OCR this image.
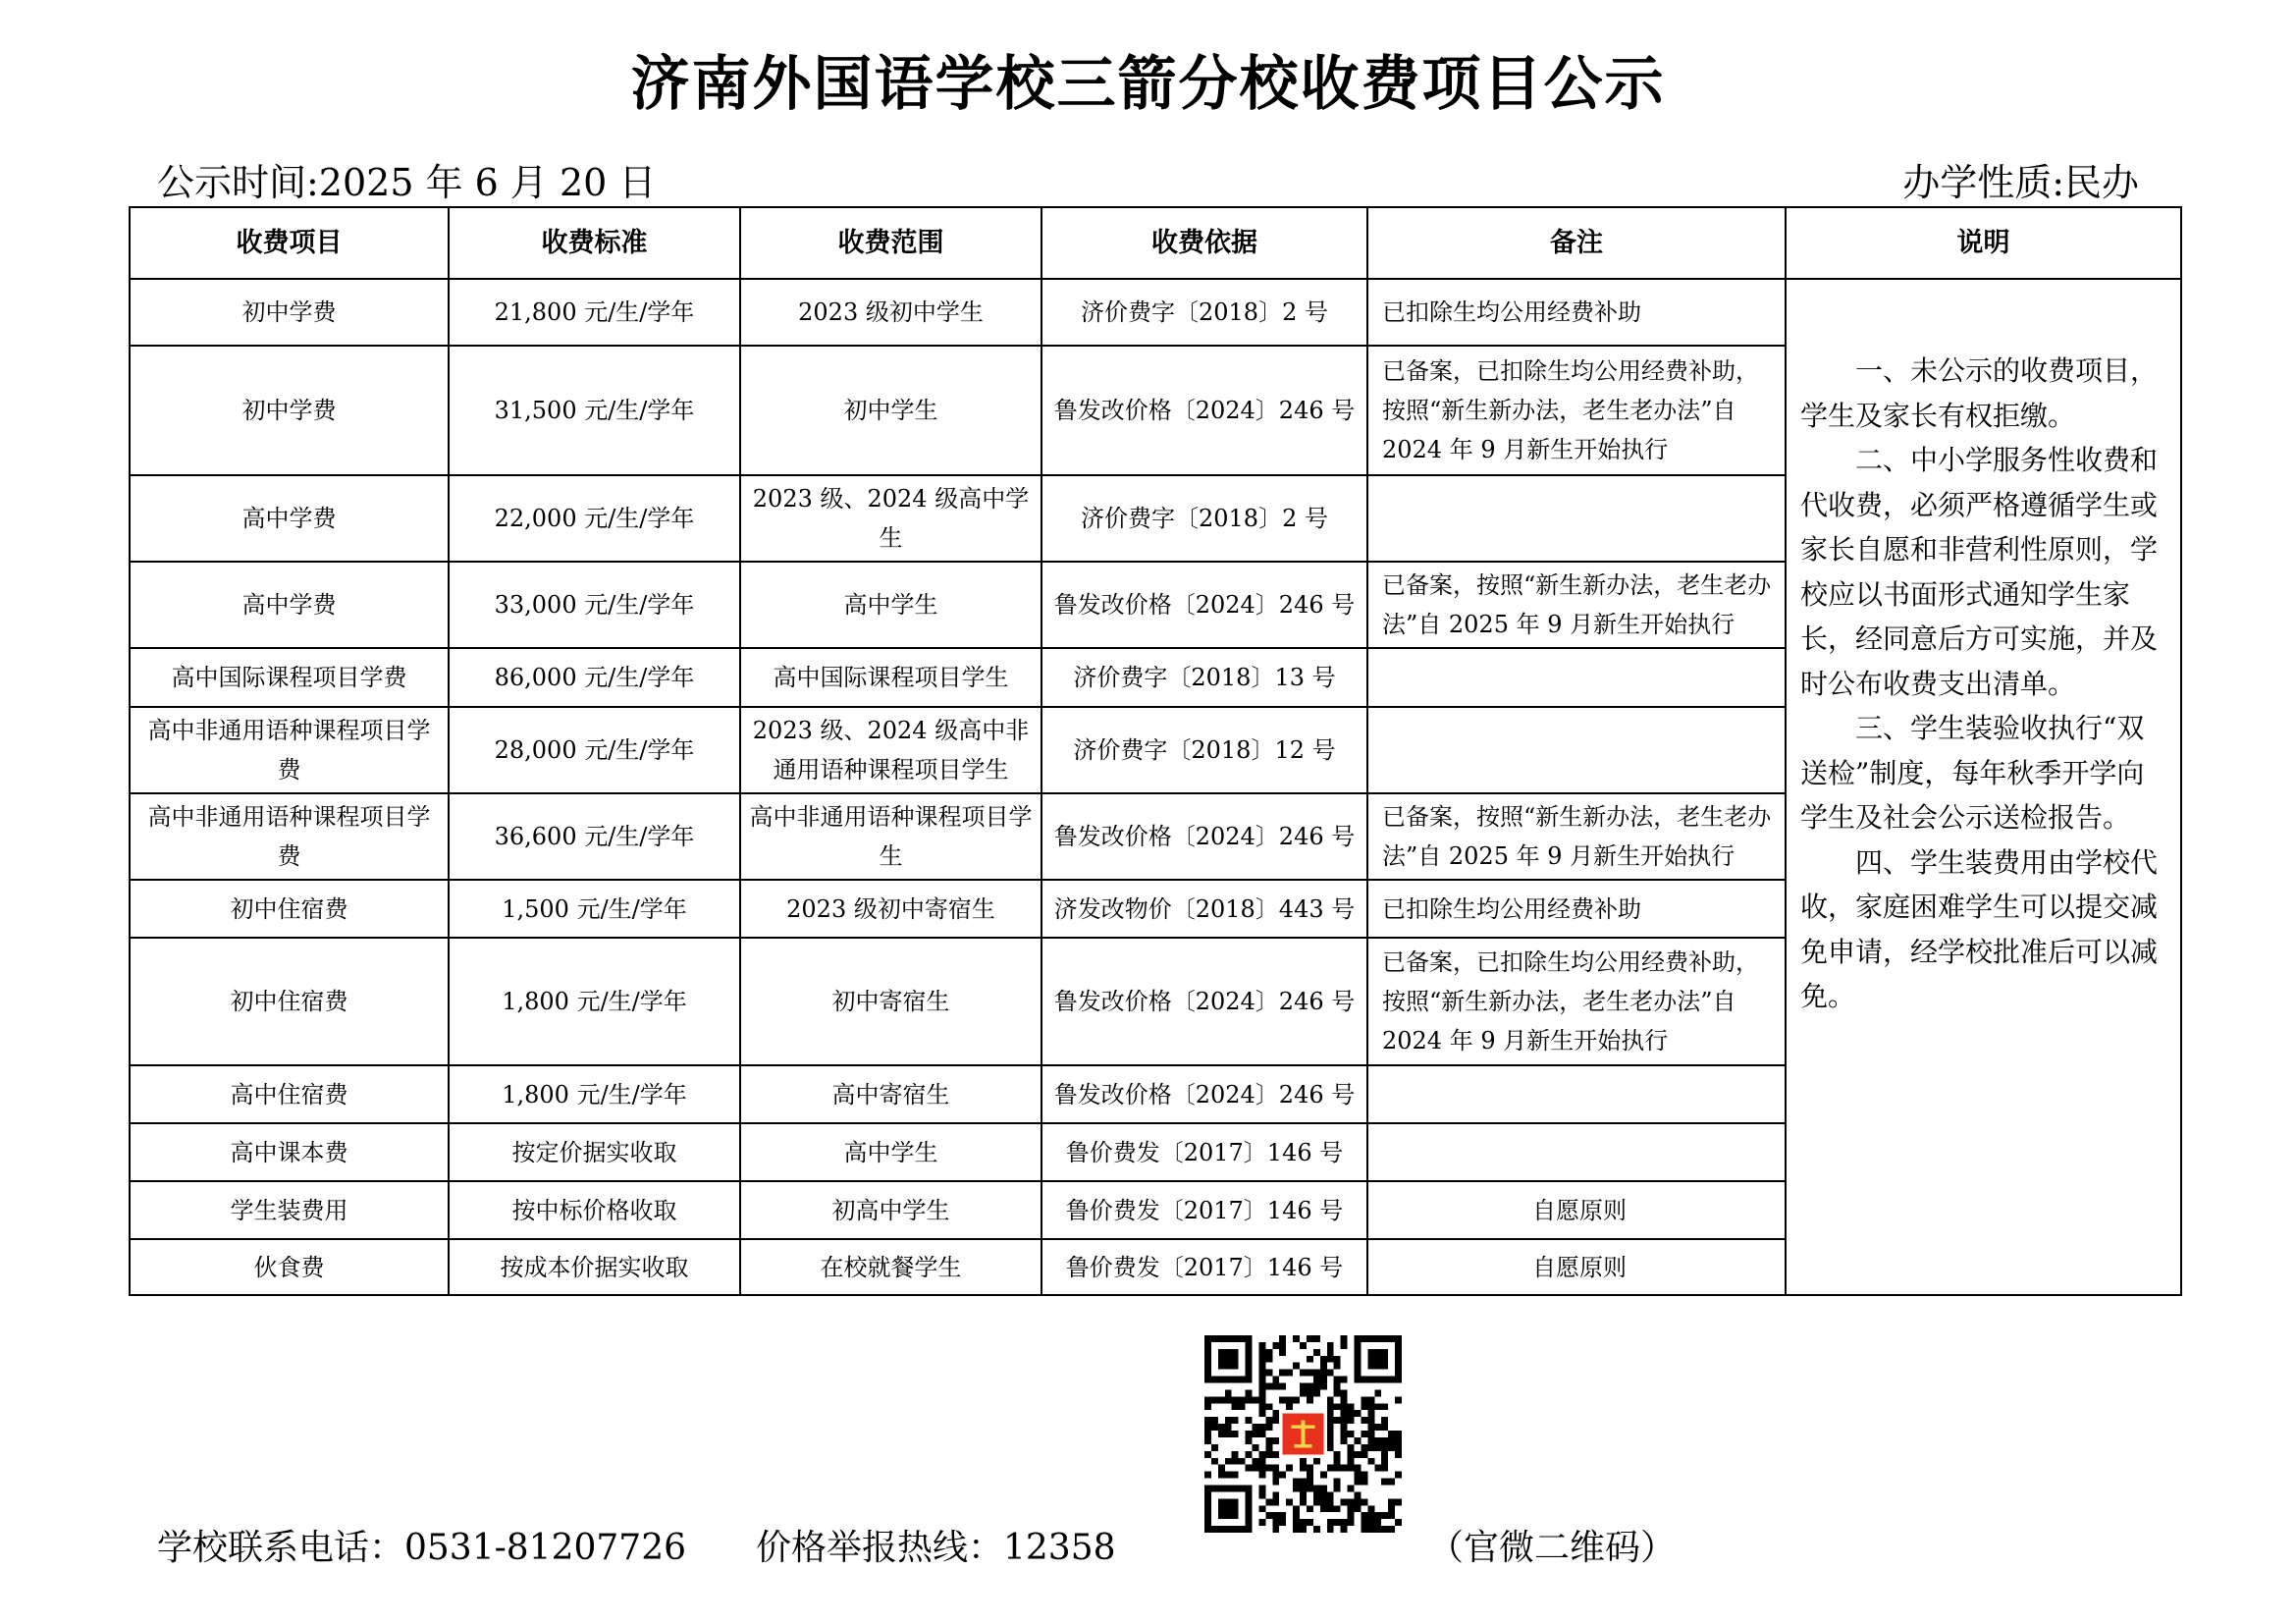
济南外国语学校三箭分校收费项目公示
公示时间:2025 年 6 月 20 日	办学性质:民办
收费项目	收费标准	收费范围	收费依据	备注	说明
初中学费	21,800 元/生/学年	2023 级初中学生	济价费字〔2018〕2 号	已扣除生均公用经费补助	一、未公示的收费项目，学生及家长有权拒缴。

二、中小学服务性收费和代收费，必须严格遵循学生或家长自愿和非营利性原则，学校应以书面形式通知学生家长，经同意后方可实施，并及时公布收费支出清单。

三、学生装验收执行“双送检”制度，每年秋季开学向学生及社会公示送检报告。

四、学生装费用由学校代收，家庭困难学生可以提交减免申请，经学校批准后可以减免。

初中学费	31,500 元/生/学年	初中学生	鲁发改价格〔2024〕246 号	已备案，已扣除生均公用经费补助，按照“新生新办法，老生老办法”自2024 年 9 月新生开始执行	
高中学费	22,000 元/生/学年	2023 级、2024 级高中学生	济价费字〔2018〕2 号		
高中学费	33,000 元/生/学年	高中学生	鲁发改价格〔2024〕246 号	已备案，按照“新生新办法，老生老办法”自 2025 年 9 月新生开始执行	
高中国际课程项目学费	86,000 元/生/学年	高中国际课程项目学生	济价费字〔2018〕13 号		
高中非通用语种课程项目学费	28,000 元/生/学年	2023 级、2024 级高中非通用语种课程项目学生	济价费字〔2018〕12 号		
高中非通用语种课程项目学费	36,600 元/生/学年	高中非通用语种课程项目学生	鲁发改价格〔2024〕246 号	已备案，按照“新生新办法，老生老办法”自 2025 年 9 月新生开始执行	
初中住宿费	1,500 元/生/学年	2023 级初中寄宿生	济发改物价〔2018〕443 号	已扣除生均公用经费补助	
初中住宿费	1,800 元/生/学年	初中寄宿生	鲁发改价格〔2024〕246 号	已备案，已扣除生均公用经费补助，按照“新生新办法，老生老办法”自2024 年 9 月新生开始执行	
高中住宿费	1,800 元/生/学年	高中寄宿生	鲁发改价格〔2024〕246 号		
高中课本费	按定价据实收取	高中学生	鲁价费发〔2017〕146 号		
学生装费用	按中标价格收取	初高中学生	鲁价费发〔2017〕146 号	自愿原则	
伙食费	按成本价据实收取	在校就餐学生	鲁价费发〔2017〕146 号	自愿原则	
学校联系电话：0531-81207726 价格举报热线：12358	（官微二维码）
